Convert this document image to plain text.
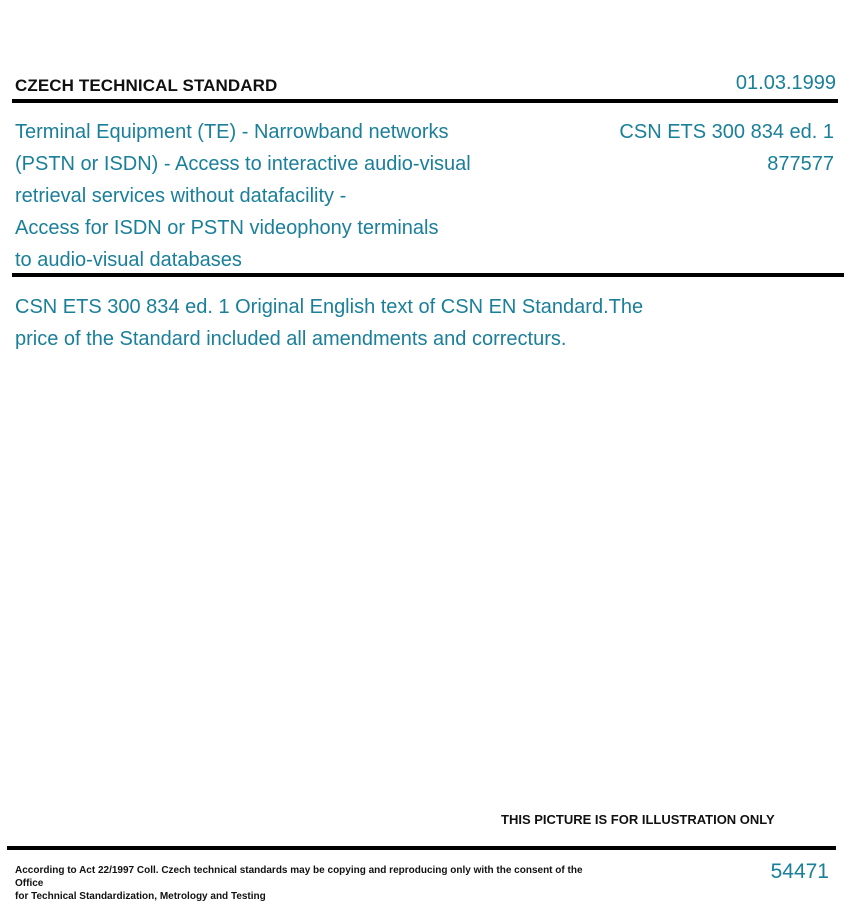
CZECH TECHNICAL STANDARD	01.03.1999
Terminal Equipment (TE) - Narrowband networks
(PSTN or ISDN) - Access to interactive audio-visual
retrieval services without datafacility -
Access for ISDN or PSTN videophony terminals
to audio-visual databases
CSN ETS 300 834 ed. 1
877577
CSN ETS 300 834 ed. 1 Original English text of CSN EN Standard.The
price of the Standard included all amendments and correcturs.
THIS PICTURE IS FOR ILLUSTRATION ONLY
According to Act 22/1997 Coll. Czech technical standards may be copying and reproducing only with the consent of the Office
for Technical Standardization, Metrology and Testing
54471
